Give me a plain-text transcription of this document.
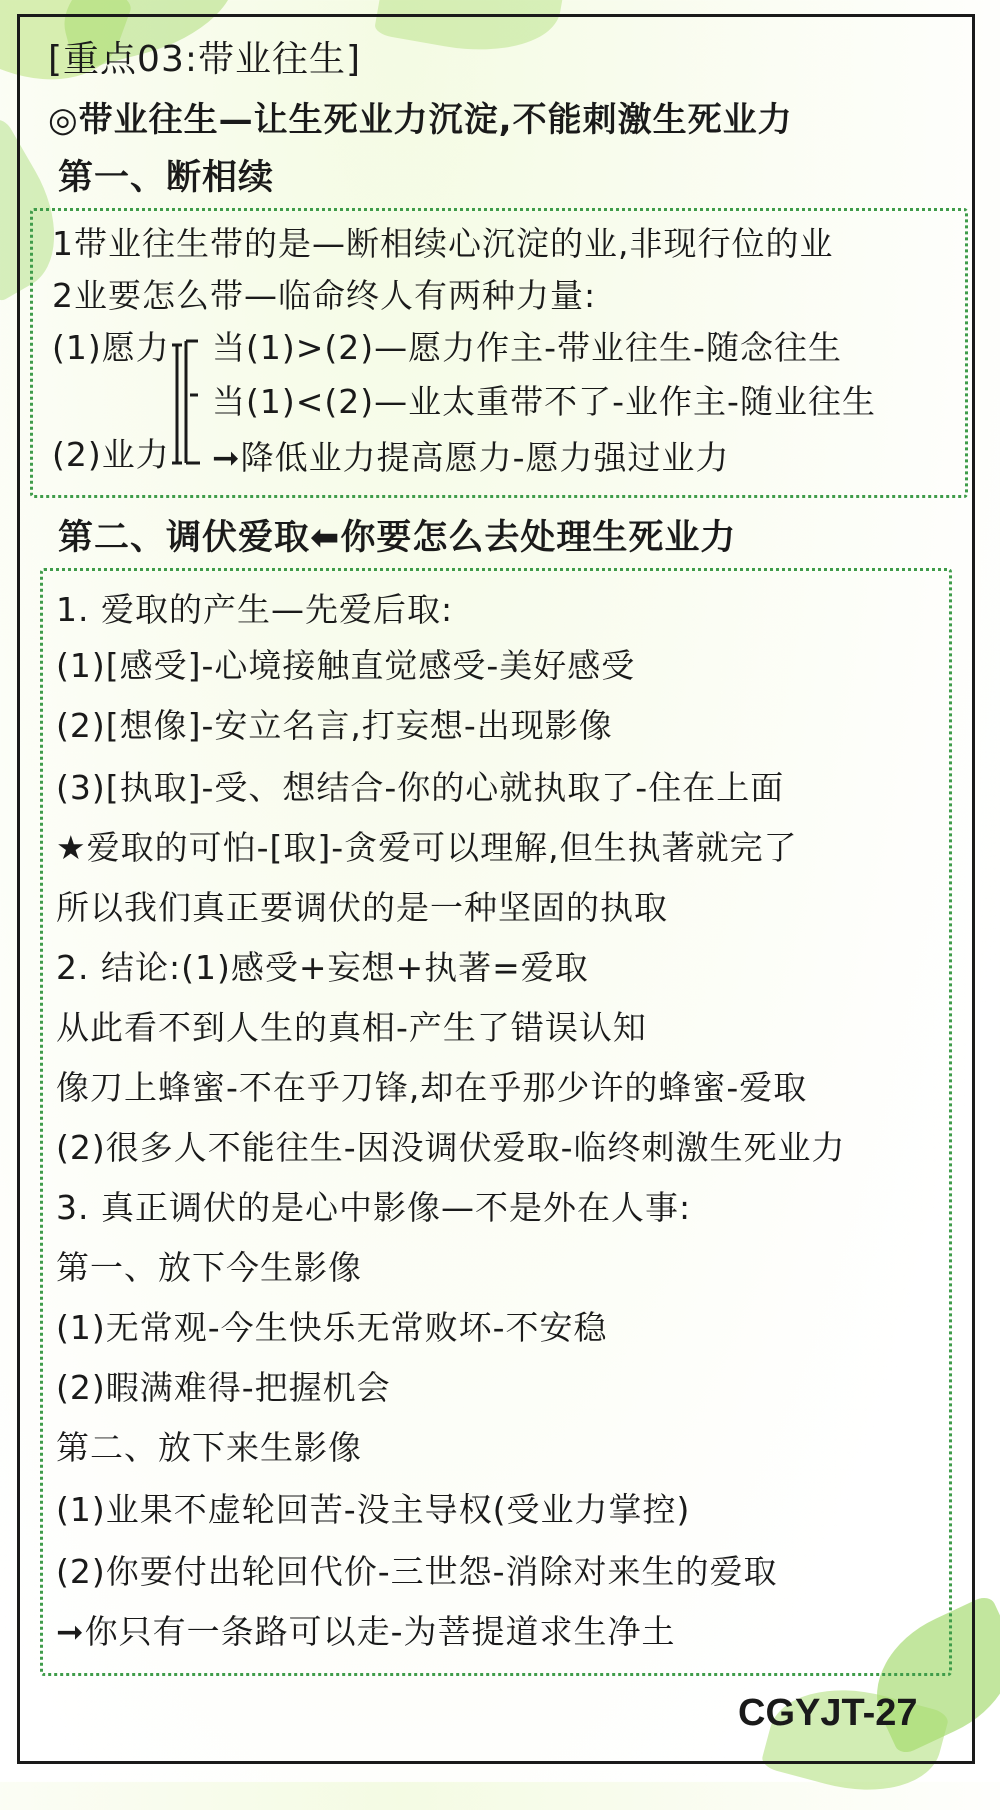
[重点03:带业往生]
◎带业往生—让生死业力沉淀,不能刺激生死业力
第一、断相续
1带业往生带的是—断相续心沉淀的业,非现行位的业
2业要怎么带—临命终人有两种力量:
(1)愿力
(2)业力
当(1)>(2)—愿力作主-带业往生-随念往生
当(1)<(2)—业太重带不了-业作主-随业往生
➞降低业力提高愿力-愿力强过业力
第二、调伏爱取⬅你要怎么去处理生死业力
1. 爱取的产生—先爱后取:
(1)[感受]-心境接触直觉感受-美好感受
(2)[想像]-安立名言,打妄想-出现影像
(3)[执取]-受、想结合-你的心就执取了-住在上面
★爱取的可怕-[取]-贪爱可以理解,但生执著就完了
所以我们真正要调伏的是一种坚固的执取
2. 结论:(1)感受+妄想+执著=爱取
从此看不到人生的真相-产生了错误认知
像刀上蜂蜜-不在乎刀锋,却在乎那少许的蜂蜜-爱取
(2)很多人不能往生-因没调伏爱取-临终刺激生死业力
3. 真正调伏的是心中影像—不是外在人事:
第一、放下今生影像
(1)无常观-今生快乐无常败坏-不安稳
(2)暇满难得-把握机会
第二、放下来生影像
(1)业果不虚轮回苦-没主导权(受业力掌控)
(2)你要付出轮回代价-三世怨-消除对来生的爱取
➞你只有一条路可以走-为菩提道求生净土
CGYJT-27
